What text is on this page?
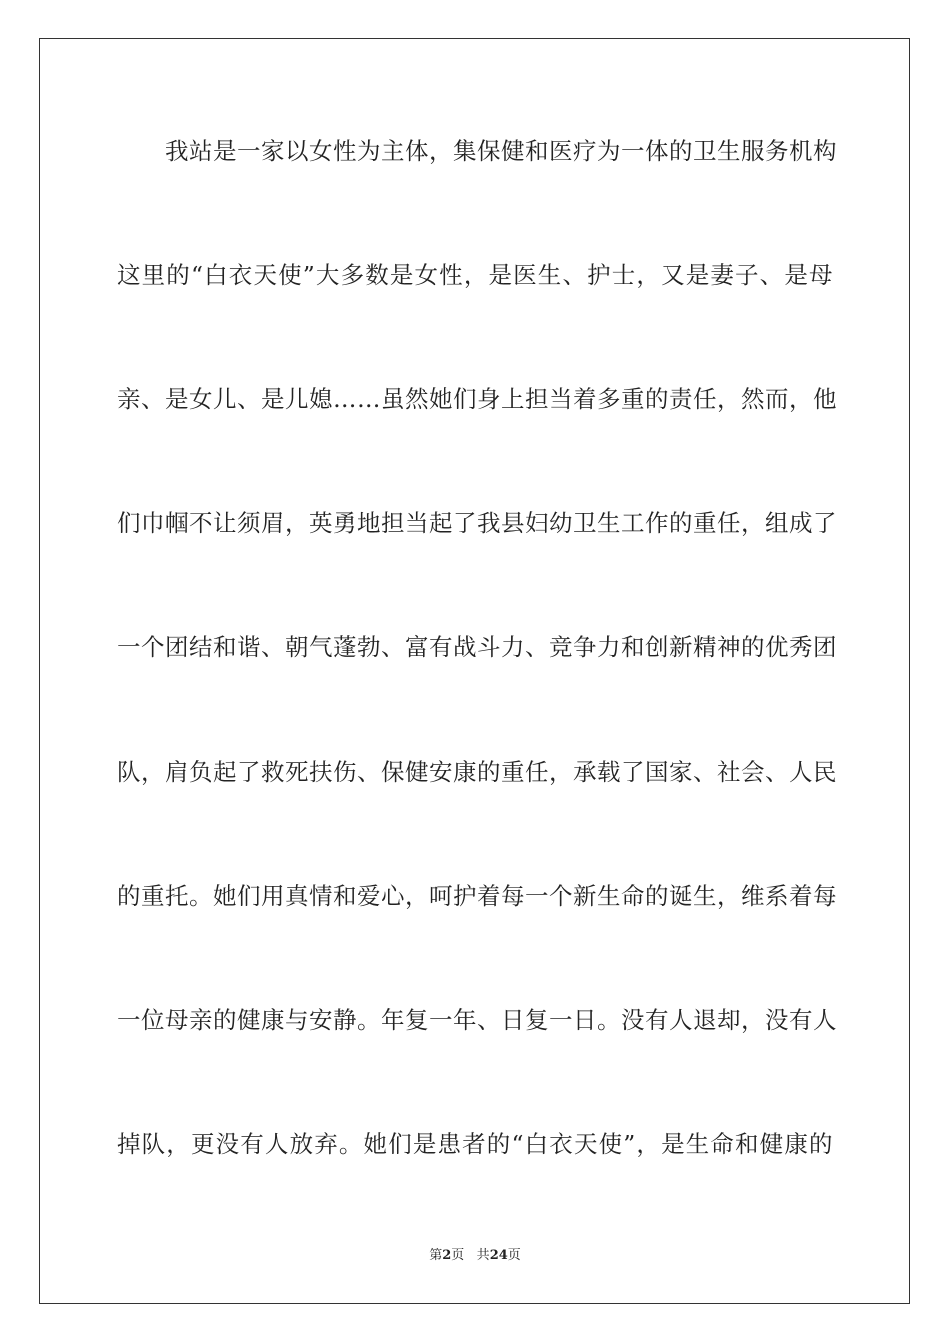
我站是一家以女性为主体，集保健和医疗为一体的卫生服务机构
这里的“白衣天使”大多数是女性，是医生、护士，又是妻子、是母
亲、是女儿、是儿媳……虽然她们身上担当着多重的责任，然而，他
们巾帼不让须眉，英勇地担当起了我县妇幼卫生工作的重任，组成了
一个团结和谐、朝气蓬勃、富有战斗力、竞争力和创新精神的优秀团
队，肩负起了救死扶伤、保健安康的重任，承载了国家、社会、人民
的重托。她们用真情和爱心，呵护着每一个新生命的诞生，维系着每
一位母亲的健康与安静。年复一年、日复一日。没有人退却，没有人
掉队，更没有人放弃。她们是患者的“白衣天使”，是生命和健康的
第2页 共24页
